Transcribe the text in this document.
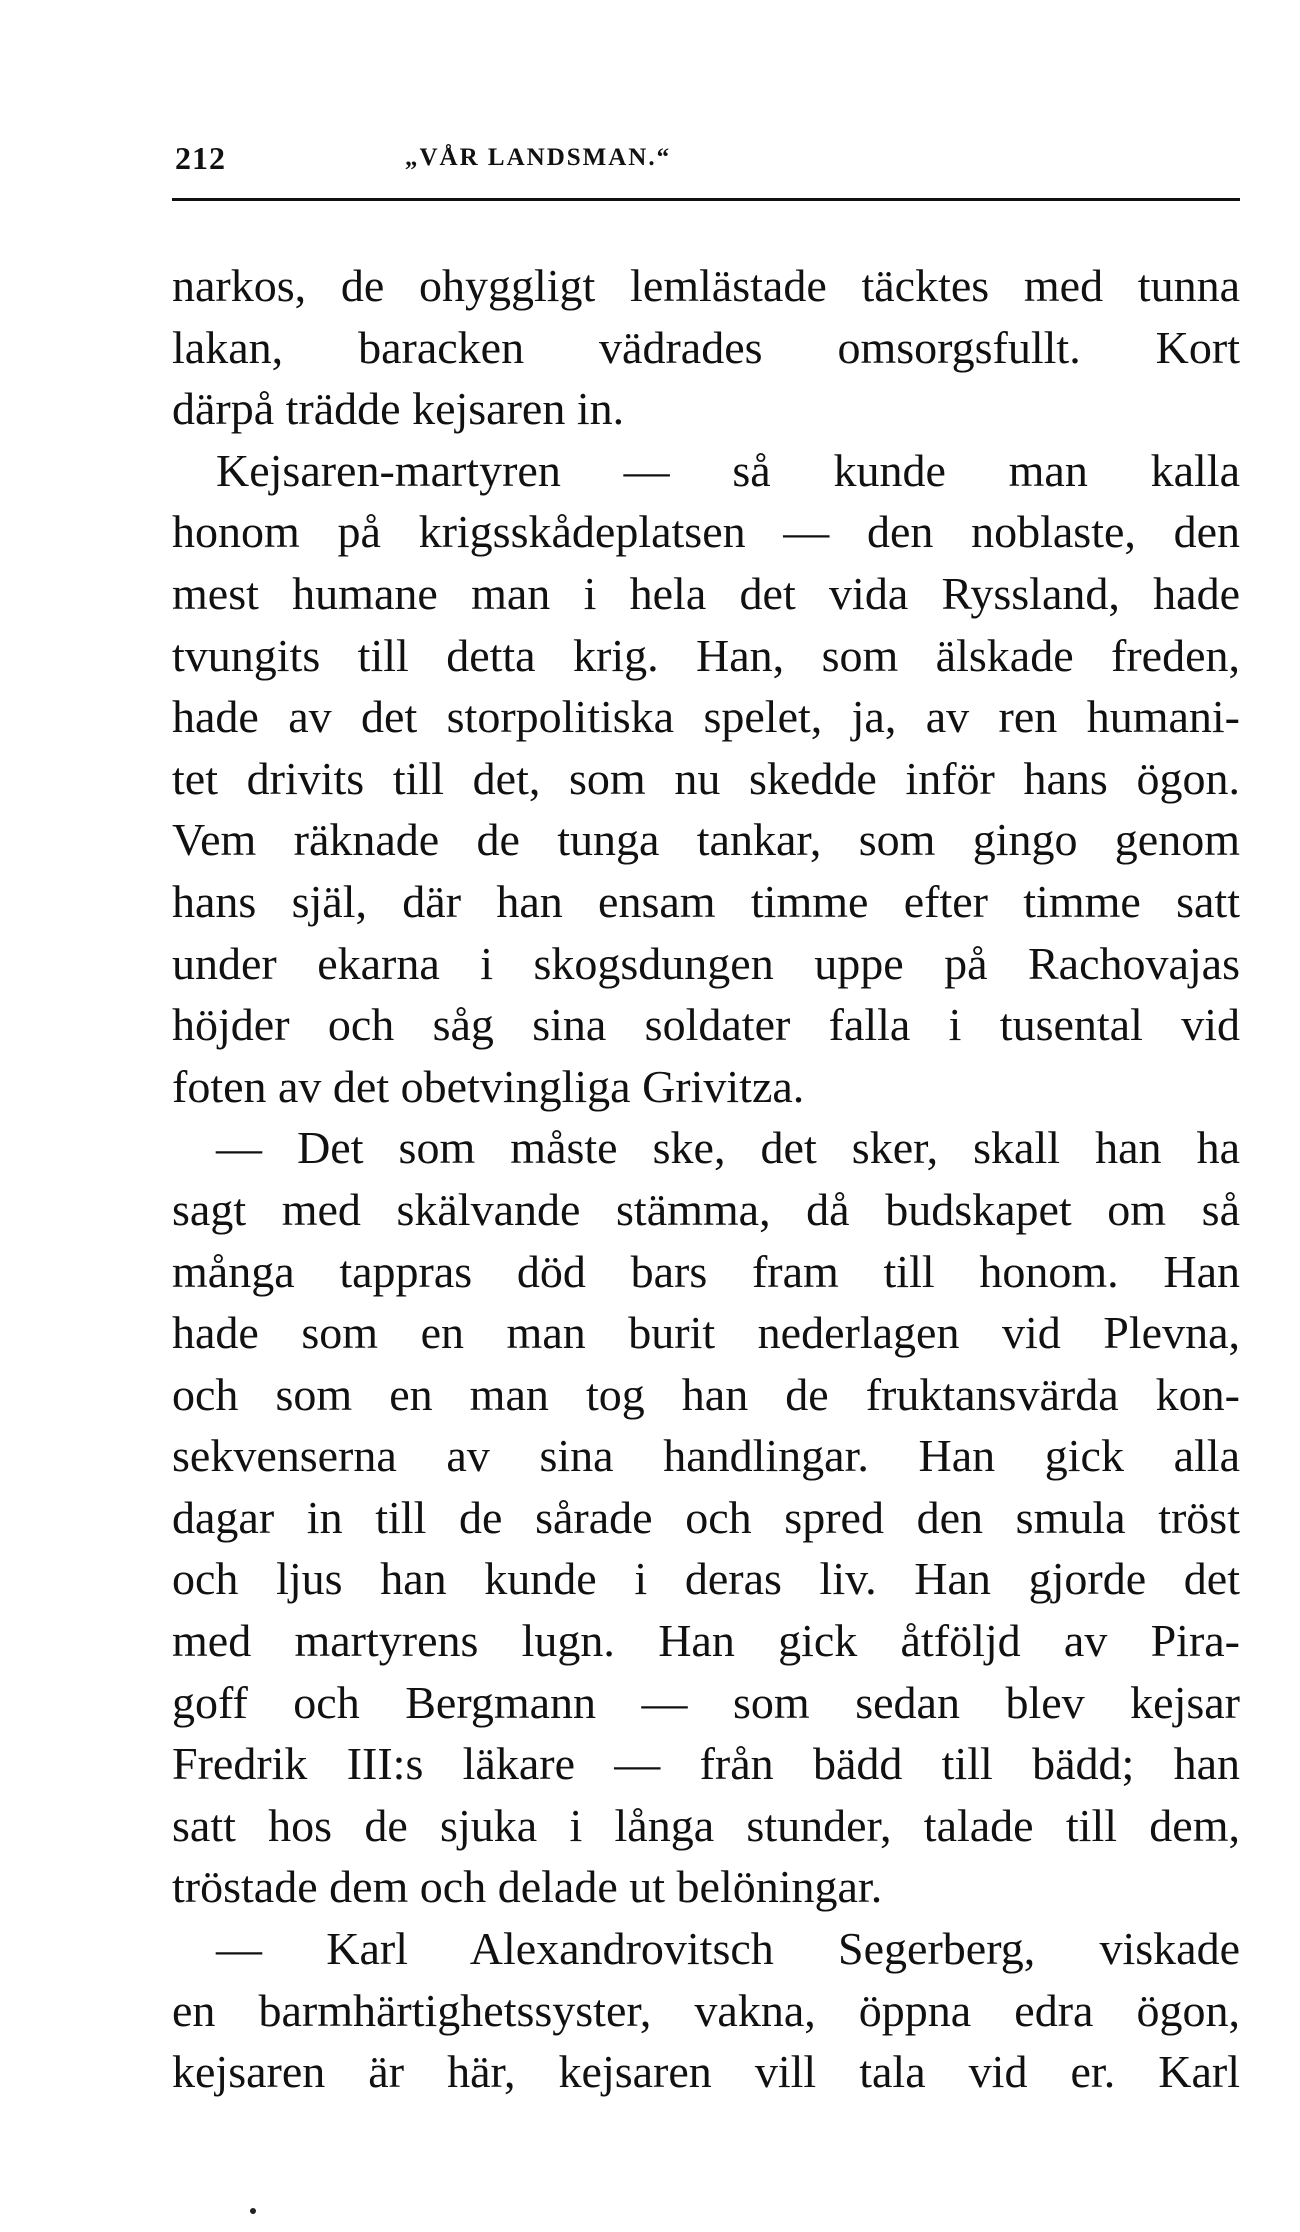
212	„VÅR LANDSMAN.“
narkos, de ohyggligt lemlästade täcktes med tunna
lakan, baracken vädrades omsorgsfullt. Kort
därpå trädde kejsaren in.
Kejsaren-martyren — så kunde man kalla
honom på krigsskådeplatsen — den noblaste, den
mest humane man i hela det vida Ryssland, hade
tvungits till detta krig. Han, som älskade freden,
hade av det storpolitiska spelet, ja, av ren humani-
tet drivits till det, som nu skedde inför hans ögon.
Vem räknade de tunga tankar, som gingo genom
hans själ, där han ensam timme efter timme satt
under ekarna i skogsdungen uppe på Rachovajas
höjder och såg sina soldater falla i tusental vid
foten av det obetvingliga Grivitza.
— Det som måste ske, det sker, skall han ha
sagt med skälvande stämma, då budskapet om så
många tappras död bars fram till honom. Han
hade som en man burit nederlagen vid Plevna,
och som en man tog han de fruktansvärda kon-
sekvenserna av sina handlingar. Han gick alla
dagar in till de sårade och spred den smula tröst
och ljus han kunde i deras liv. Han gjorde det
med martyrens lugn. Han gick åtföljd av Pira-
goff och Bergmann — som sedan blev kejsar
Fredrik III:s läkare — från bädd till bädd; han
satt hos de sjuka i långa stunder, talade till dem,
tröstade dem och delade ut belöningar.
— Karl Alexandrovitsch Segerberg, viskade
en barmhärtighetssyster, vakna, öppna edra ögon,
kejsaren är här, kejsaren vill tala vid er. Karl
